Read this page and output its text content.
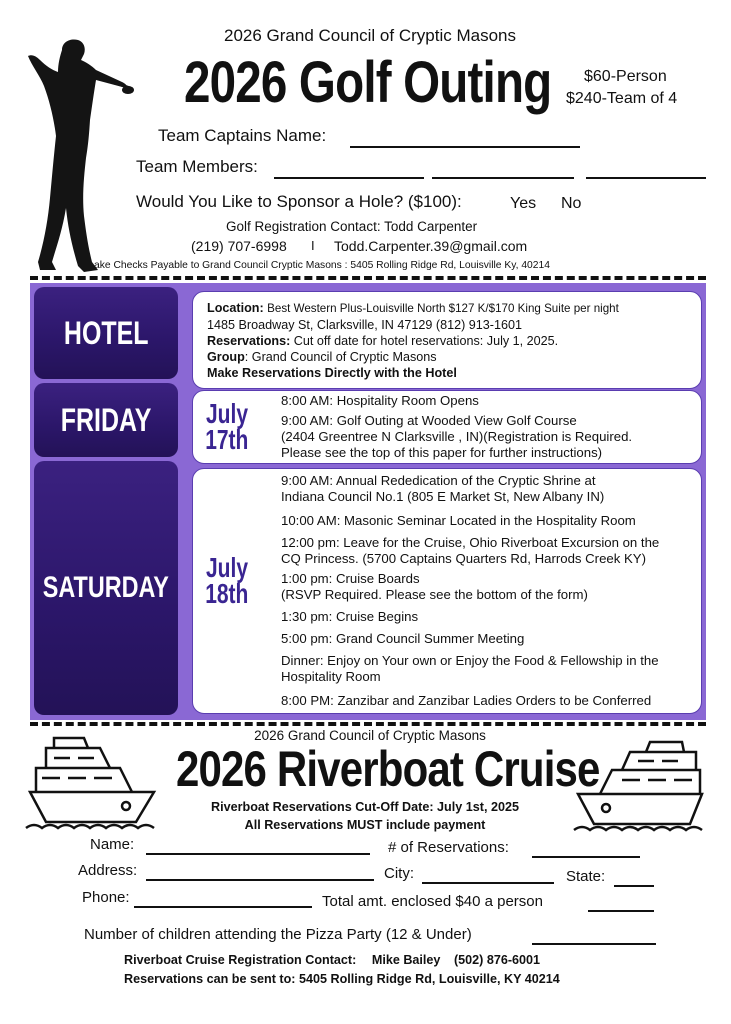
2026 Grand Council of Cryptic Masons
2026 Golf Outing $60-Person
$240-Team of 4
Team Captains Name:
Team Members:
Would You Like to Sponsor a Hole? ($100):	Yes No
Golf Registration Contact: Todd Carpenter
(219) 707-6998 I Todd.Carpenter.39@gmail.com
ake Checks Payable to Grand Council Cryptic Masons : 5405 Rolling Ridge Rd, Louisville Ky, 40214
HOTEL
Location: Best Western Plus-Louisville North $127 K/$170 King Suite per night
1485 Broadway St, Clarksville, IN 47129 (812) 913-1601
Reservations: Cut off date for hotel reservations: July 1, 2025.
Group: Grand Council of Cryptic Masons
Make Reservations Directly with the Hotel
FRIDAY	July
17th
8:00 AM: Hospitality Room Opens
9:00 AM: Golf Outing at Wooded View Golf Course
(2404 Greentree N Clarksville , IN)(Registration is Required.
Please see the top of this paper for further instructions)
SATURDAY
July
18th
9:00 AM: Annual Rededication of the Cryptic Shrine at
Indiana Council No.1 (805 E Market St, New Albany IN)
10:00 AM: Masonic Seminar Located in the Hospitality Room
12:00 pm: Leave for the Cruise, Ohio Riverboat Excursion on the
CQ Princess. (5700 Captains Quarters Rd, Harrods Creek KY)
1:00 pm: Cruise Boards
(RSVP Required. Please see the bottom of the form)
1:30 pm: Cruise Begins
5:00 pm: Grand Council Summer Meeting
Dinner: Enjoy on Your own or Enjoy the Food & Fellowship in the
Hospitality Room
8:00 PM: Zanzibar and Zanzibar Ladies Orders to be Conferred
2026 Grand Council of Cryptic Masons
2026 Riverboat Cruise
Riverboat Reservations Cut-Off Date: July 1st, 2025
All Reservations MUST include payment
Name:	# of Reservations:
Address:	City:	State:
Phone:	Total amt. enclosed $40 a person
Number of children attending the Pizza Party (12 & Under)
Riverboat Cruise Registration Contact: Mike Bailey (502) 876-6001
Reservations can be sent to: 5405 Rolling Ridge Rd, Louisville, KY 40214
